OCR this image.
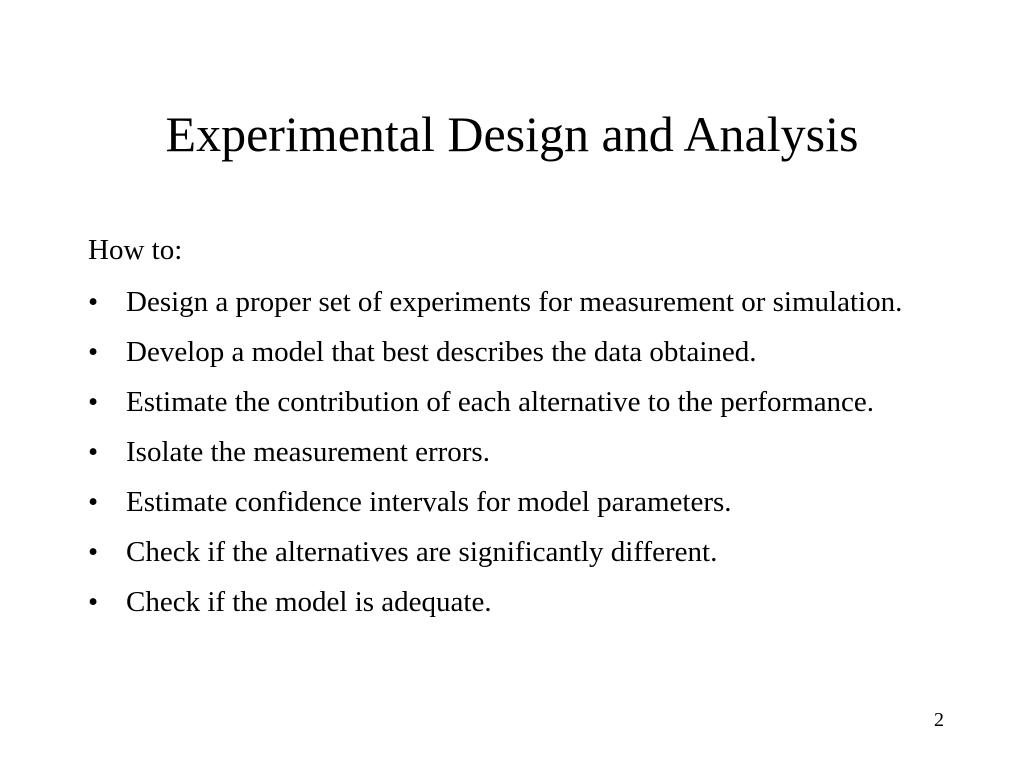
Experimental Design and Analysis
How to:
• Design a proper set of experiments for measurement or simulation.
• Develop a model that best describes the data obtained.
• Estimate the contribution of each alternative to the performance.
• Isolate the measurement errors.
• Estimate confidence intervals for model parameters.
• Check if the alternatives are significantly different.
• Check if the model is adequate.
2
